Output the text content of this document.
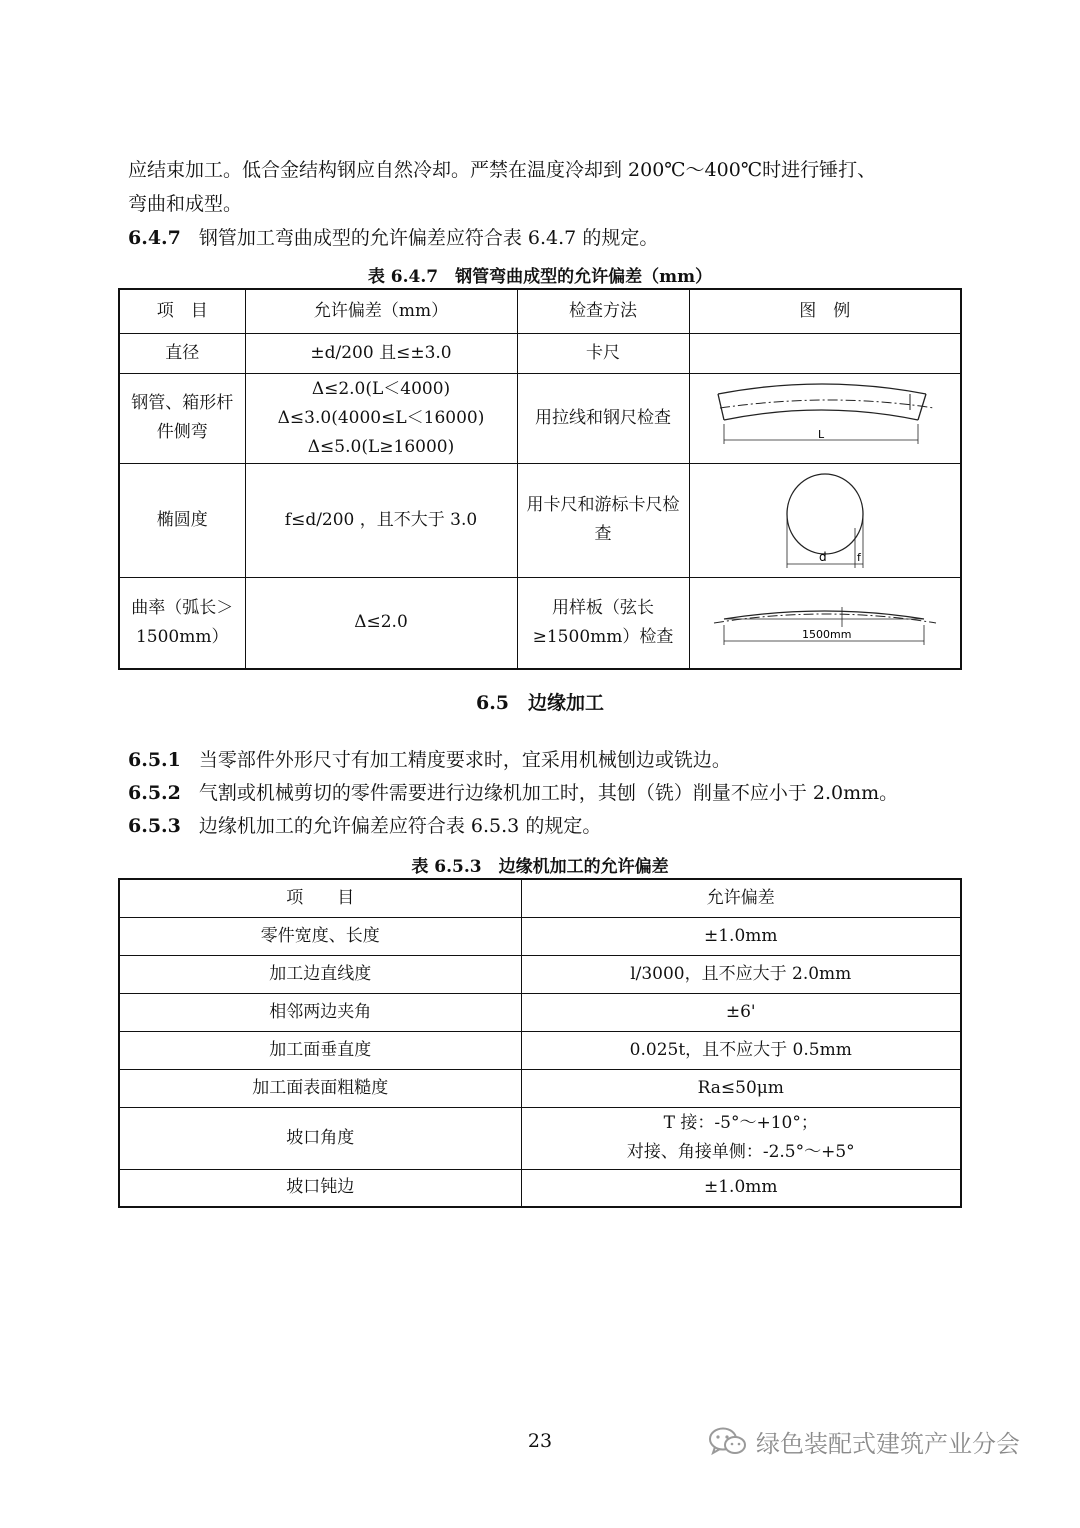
应结束加工。低合金结构钢应自然冷却。严禁在温度冷却到 200℃～400℃时进行锤打、
弯曲和成型。
6.4.7 钢管加工弯曲成型的允许偏差应符合表 6.4.7 的规定。
表 6.4.7　钢管弯曲成型的允许偏差（mm）
项　目	允许偏差（mm）	检查方法	图　例
直径	±d/200 且≤±3.0	卡尺	

钢管、箱形杆件侧弯	Δ≤2.0(L＜4000)
Δ≤3.0(4000≤L＜16000)
Δ≤5.0(L≥16000)	用拉线和钢尺检查	L

椭圆度	f≤d/200 ，且不大于 3.0	用卡尺和游标卡尺检查	d f

曲率（弧长＞1500mm）	Δ≤2.0	用样板（弦长≥1500mm）检查	1500mm
6.5　边缘加工
6.5.1 当零部件外形尺寸有加工精度要求时，宜采用机械刨边或铣边。
6.5.2 气割或机械剪切的零件需要进行边缘机加工时，其刨（铣）削量不应小于 2.0mm。
6.5.3 边缘机加工的允许偏差应符合表 6.5.3 的规定。
表 6.5.3　边缘机加工的允许偏差
项　　目	允许偏差
零件宽度、长度	±1.0mm
加工边直线度	l/3000，且不应大于 2.0mm
相邻两边夹角	±6'
加工面垂直度	0.025t，且不应大于 0.5mm
加工面表面粗糙度	Ra≤50μm
坡口角度	T 接：-5°～+10°；
对接、角接单侧：-2.5°～+5°

坡口钝边	±1.0mm
23	绿色装配式建筑产业分会
